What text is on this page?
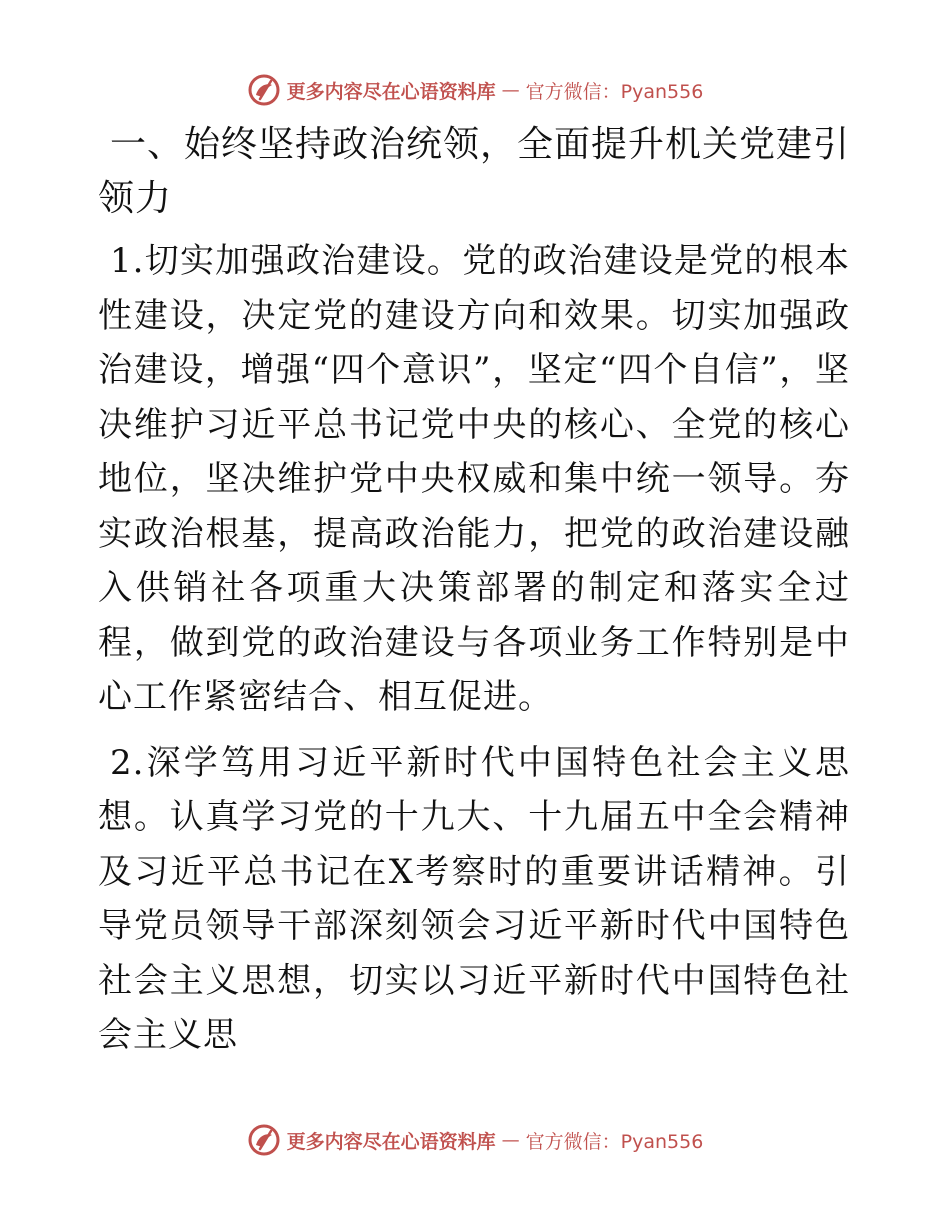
更多内容尽在心语资料库 — 官方微信：Pyan556
一、始终坚持政治统领，全面提升机关党建引领力

1.切实加强政治建设。党的政治建设是党的根本性建设，决定党的建设方向和效果。切实加强政治建设，增强“四个意识”，坚定“四个自信”，坚决维护习近平总书记党中央的核心、全党的核心地位，坚决维护党中央权威和集中统一领导。夯实政治根基，提高政治能力，把党的政治建设融入供销社各项重大决策部署的制定和落实全过程，做到党的政治建设与各项业务工作特别是中心工作紧密结合、相互促进。

2.深学笃用习近平新时代中国特色社会主义思想。认真学习党的十九大、十九届五中全会精神及习近平总书记在X考察时的重要讲话精神。引导党员领导干部深刻领会习近平新时代中国特色社会主义思想，切实以习近平新时代中国特色社会主义思

更多内容尽在心语资料库 — 官方微信：Pyan556
